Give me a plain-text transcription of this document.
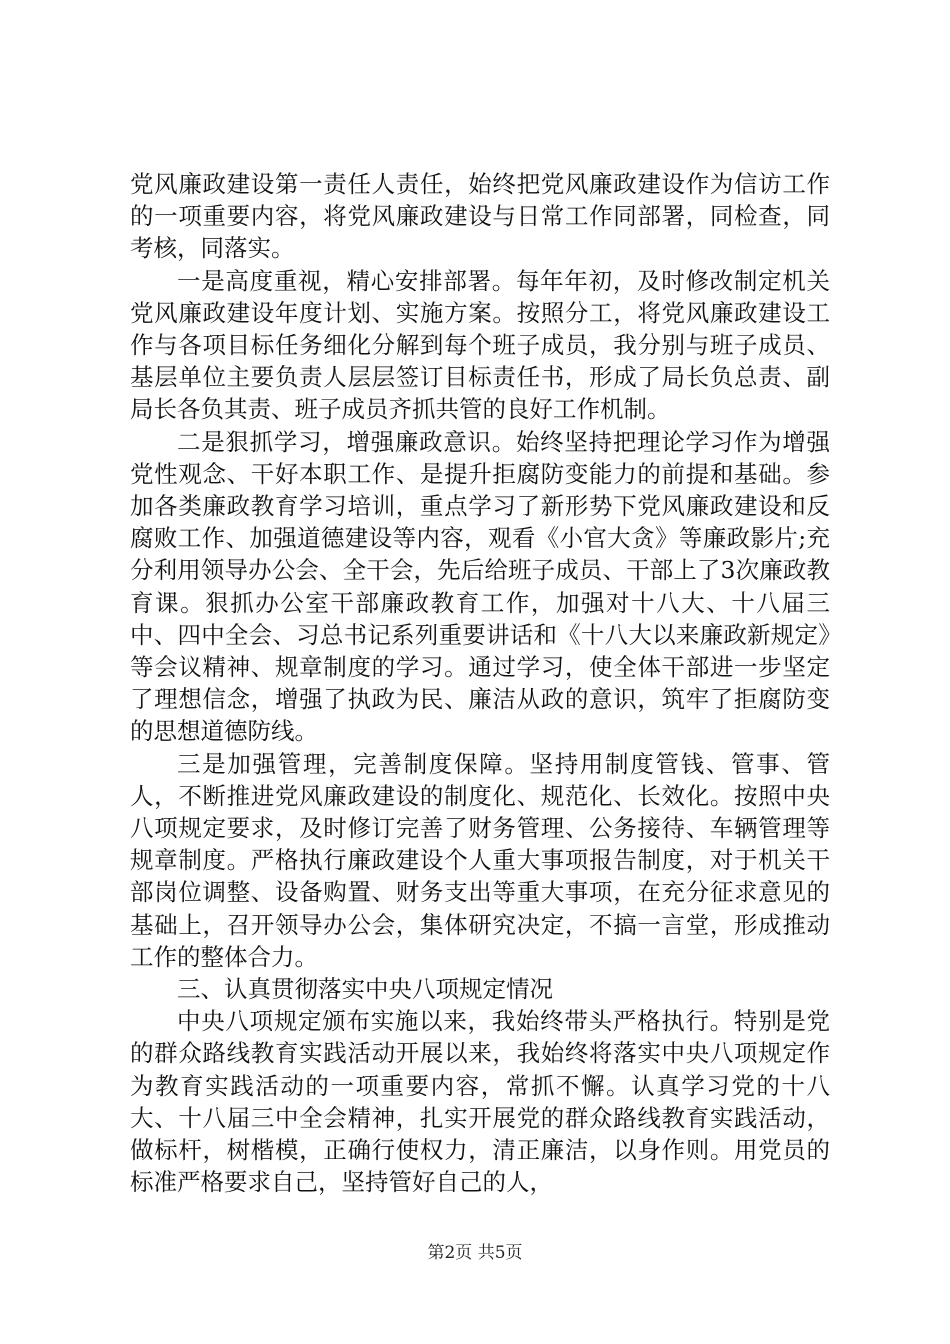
党风廉政建设第一责任人责任，始终把党风廉政建设作为信访工作的一项重要内容，将党风廉政建设与日常工作同部署，同检查，同考核，同落实。

一是高度重视，精心安排部署。每年年初，及时修改制定机关党风廉政建设年度计划、实施方案。按照分工，将党风廉政建设工作与各项目标任务细化分解到每个班子成员，我分别与班子成员、基层单位主要负责人层层签订目标责任书，形成了局长负总责、副局长各负其责、班子成员齐抓共管的良好工作机制。

二是狠抓学习，增强廉政意识。始终坚持把理论学习作为增强党性观念、干好本职工作、是提升拒腐防变能力的前提和基础。参加各类廉政教育学习培训，重点学习了新形势下党风廉政建设和反腐败工作、加强道德建设等内容，观看《小官大贪》等廉政影片;充分利用领导办公会、全干会，先后给班子成员、干部上了3次廉政教育课。狠抓办公室干部廉政教育工作，加强对十八大、十八届三中、四中全会、习总书记系列重要讲话和《十八大以来廉政新规定》等会议精神、规章制度的学习。通过学习，使全体干部进一步坚定了理想信念，增强了执政为民、廉洁从政的意识，筑牢了拒腐防变的思想道德防线。

三是加强管理，完善制度保障。坚持用制度管钱、管事、管人，不断推进党风廉政建设的制度化、规范化、长效化。按照中央八项规定要求，及时修订完善了财务管理、公务接待、车辆管理等规章制度。严格执行廉政建设个人重大事项报告制度，对于机关干部岗位调整、设备购置、财务支出等重大事项，在充分征求意见的基础上，召开领导办公会，集体研究决定，不搞一言堂，形成推动工作的整体合力。

三、认真贯彻落实中央八项规定情况

中央八项规定颁布实施以来，我始终带头严格执行。特别是党的群众路线教育实践活动开展以来，我始终将落实中央八项规定作为教育实践活动的一项重要内容，常抓不懈。认真学习党的十八大、十八届三中全会精神，扎实开展党的群众路线教育实践活动，做标杆，树楷模，正确行使权力，清正廉洁，以身作则。用党员的标准严格要求自己，坚持管好自己的人，

第2页 共5页
